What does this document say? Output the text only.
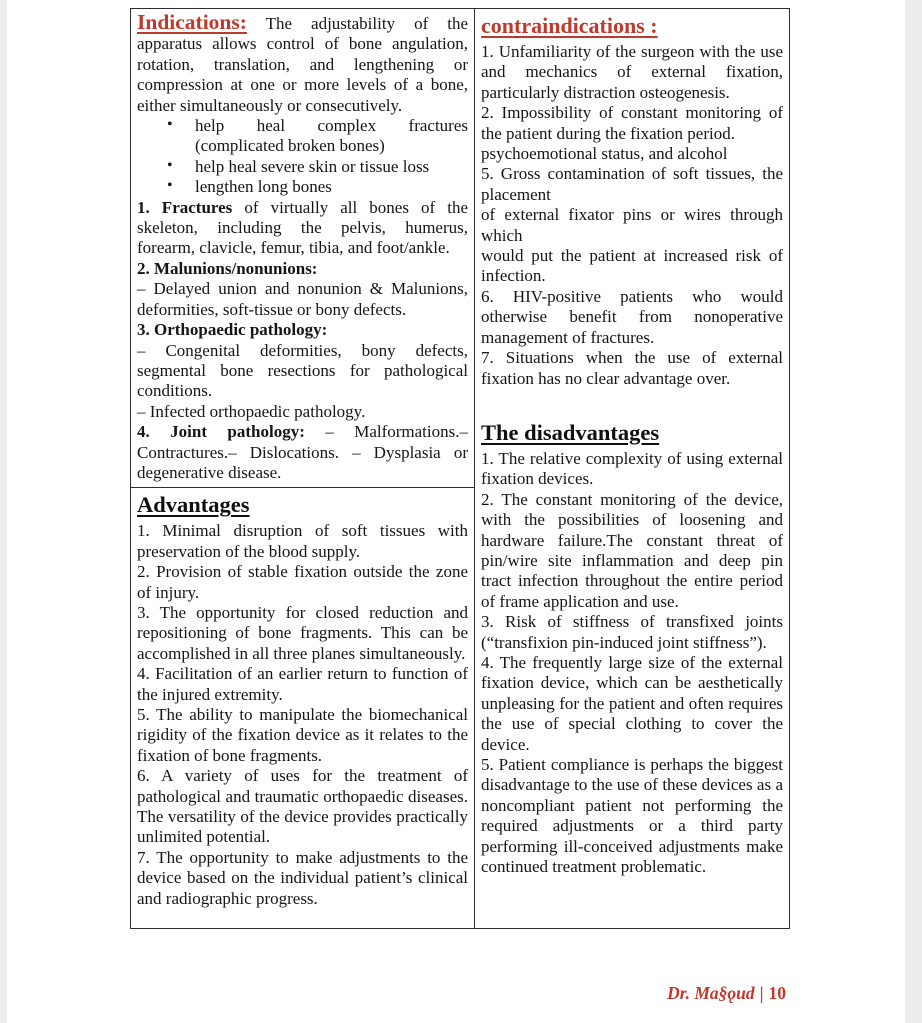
Indications: The adjustability of the apparatus allows control of bone angulation, rotation, translation, and lengthening or compression at one or more levels of a bone, either simultaneously or consecutively.

• help heal complex fractures (complicated broken bones)
• help heal severe skin or tissue loss
• lengthen long bones

1. Fractures of virtually all bones of the skeleton, including the pelvis, humerus, forearm, clavicle, femur, tibia, and foot/ankle.

2. Malunions/nonunions:

– Delayed union and nonunion & Malunions, deformities, soft-tissue or bony defects.

3. Orthopaedic pathology:

– Congenital deformities, bony defects, segmental bone resections for pathological conditions.

– Infected orthopaedic pathology.

4. Joint pathology: – Malformations.– Contractures.– Dislocations. – Dysplasia or degenerative disease.

Advantages

1. Minimal disruption of soft tissues with preservation of the blood supply.

2. Provision of stable fixation outside the zone of injury.

3. The opportunity for closed reduction and repositioning of bone fragments. This can be accomplished in all three planes simultaneously.

4. Facilitation of an earlier return to function of the injured extremity.

5. The ability to manipulate the biomechanical rigidity of the fixation device as it relates to the fixation of bone fragments.

6. A variety of uses for the treatment of pathological and traumatic orthopaedic diseases. The versatility of the device provides practically unlimited potential.

7. The opportunity to make adjustments to the device based on the individual patient’s clinical and radiographic progress.

contraindications :

1. Unfamiliarity of the surgeon with the use and mechanics of external fixation, particularly distraction osteogenesis.

2. Impossibility of constant monitoring of the patient during the fixation period.

psychoemotional status, and alcohol

5. Gross contamination of soft tissues, the placement

of external fixator pins or wires through which

would put the patient at increased risk of infection.

6. HIV-positive patients who would otherwise benefit from nonoperative management of fractures.

7. Situations when the use of external fixation has no clear advantage over.

The disadvantages

1. The relative complexity of using external fixation devices.

2. The constant monitoring of the device, with the possibilities of loosening and hardware failure.The constant threat of pin/wire site inflammation and deep pin tract infection throughout the entire period of frame application and use.

3. Risk of stiffness of transfixed joints (“transfixion pin-induced joint stiffness”).

4. The frequently large size of the external fixation device, which can be aesthetically unpleasing for the patient and often requires the use of special clothing to cover the device.

5. Patient compliance is perhaps the biggest disadvantage to the use of these devices as a noncompliant patient not performing the required adjustments or a third party performing ill-conceived adjustments make continued treatment problematic.

Dr. Ma§ǫud | 10
